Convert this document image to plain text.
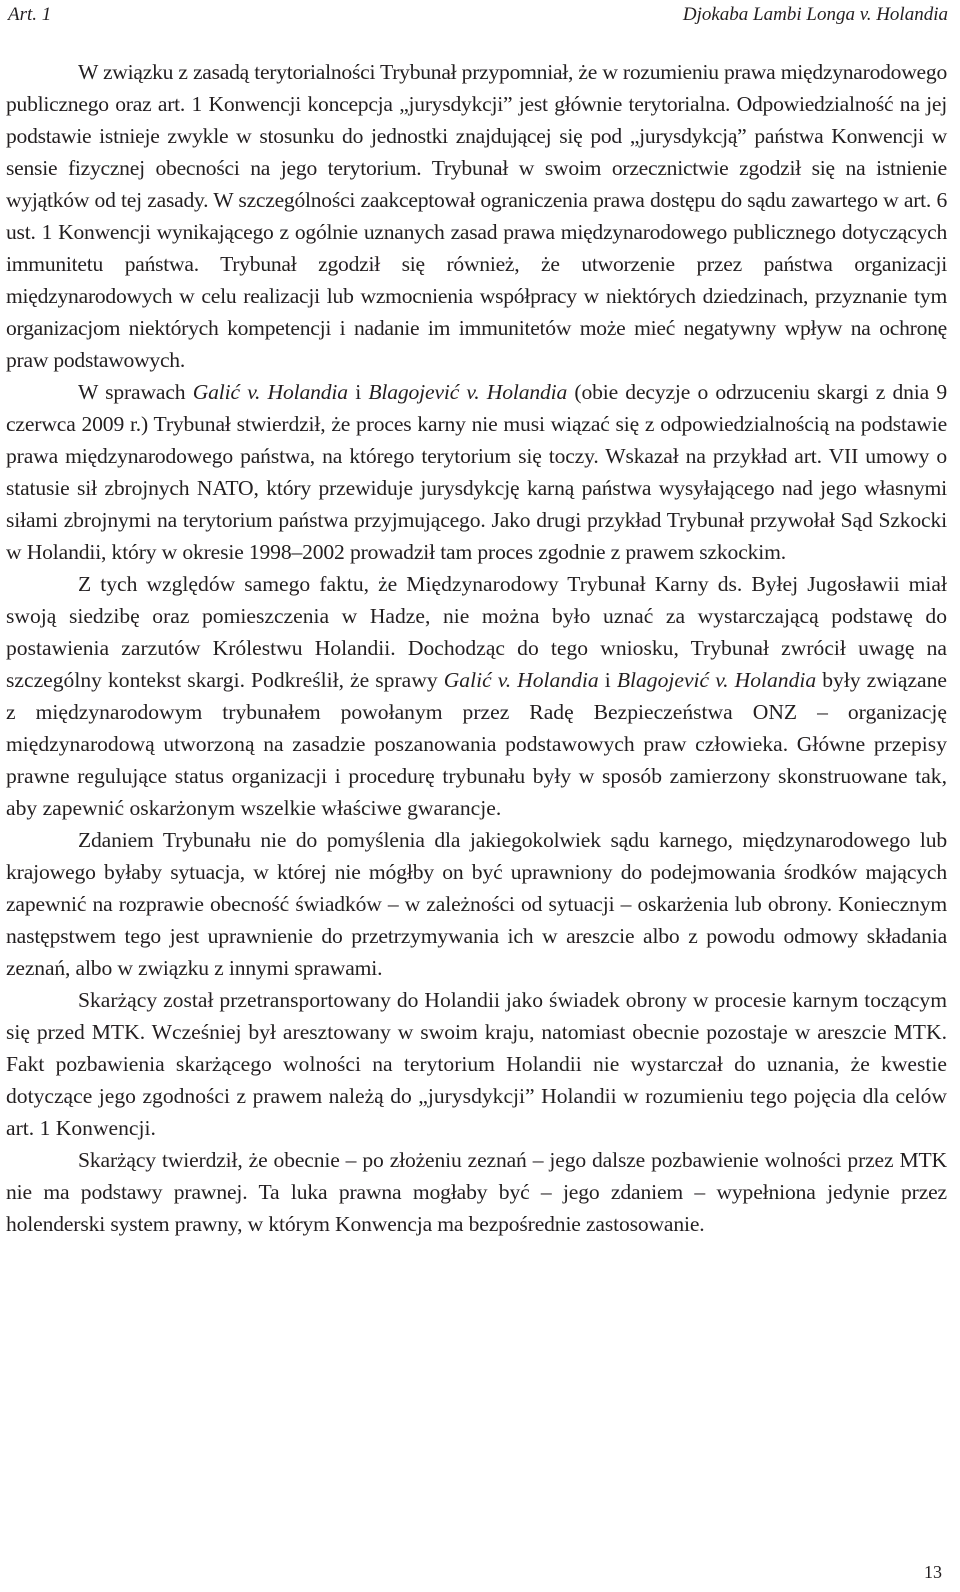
Art. 1	Djokaba Lambi Longa v. Holandia

W związku z zasadą terytorialności Trybunał przypomniał, że w rozumieniu prawa międzynarodowego publicznego oraz art. 1 Konwencji koncepcja „jurysdykcji” jest głównie terytorialna. Odpowiedzialność na jej podstawie istnieje zwykle w stosunku do jednostki znajdującej się pod „jurysdykcją” państwa Konwencji w sensie fizycznej obecności na jego terytorium. Trybunał w swoim orzecznictwie zgodził się na istnienie wyjątków od tej zasady. W szczególności zaakceptował ograniczenia prawa dostępu do sądu zawartego w art. 6 ust. 1 Konwencji wynikającego z ogólnie uznanych zasad prawa międzynarodowego publicznego dotyczących immunitetu państwa. Trybunał zgodził się również, że utworzenie przez państwa organizacji międzynarodowych w celu realizacji lub wzmocnienia współpracy w niektórych dziedzinach, przyznanie tym organizacjom niektórych kompetencji i nadanie im immunitetów może mieć negatywny wpływ na ochronę praw podstawowych.

W sprawach Galić v. Holandia i Blagojević v. Holandia (obie decyzje o odrzuceniu skargi z dnia 9 czerwca 2009 r.) Trybunał stwierdził, że proces karny nie musi wiązać się z odpowiedzialnością na podstawie prawa międzynarodowego państwa, na którego terytorium się toczy. Wskazał na przykład art. VII umowy o statusie sił zbrojnych NATO, który przewiduje jurysdykcję karną państwa wysyłającego nad jego własnymi siłami zbrojnymi na terytorium państwa przyjmującego. Jako drugi przykład Trybunał przywołał Sąd Szkocki w Holandii, który w okresie 1998–2002 prowadził tam proces zgodnie z prawem szkockim.

Z tych względów samego faktu, że Międzynarodowy Trybunał Karny ds. Byłej Jugosławii miał swoją siedzibę oraz pomieszczenia w Hadze, nie można było uznać za wystarczającą podstawę do postawienia zarzutów Królestwu Holandii. Dochodząc do tego wniosku, Trybunał zwrócił uwagę na szczególny kontekst skargi. Podkreślił, że sprawy Galić v. Holandia i Blagojević v. Holandia były związane z międzynarodowym trybunałem powołanym przez Radę Bezpieczeństwa ONZ – organizację międzynarodową utworzoną na zasadzie poszanowania podstawowych praw człowieka. Główne przepisy prawne regulujące status organizacji i procedurę trybunału były w sposób zamierzony skonstruowane tak, aby zapewnić oskarżonym wszelkie właściwe gwarancje.

Zdaniem Trybunału nie do pomyślenia dla jakiegokolwiek sądu karnego, międzynarodowego lub krajowego byłaby sytuacja, w której nie mógłby on być uprawniony do podejmowania środków mających zapewnić na rozprawie obecność świadków – w zależności od sytuacji – oskarżenia lub obrony. Koniecznym następstwem tego jest uprawnienie do przetrzymywania ich w areszcie albo z powodu odmowy składania zeznań, albo w związku z innymi sprawami.

Skarżący został przetransportowany do Holandii jako świadek obrony w procesie karnym toczącym się przed MTK. Wcześniej był aresztowany w swoim kraju, natomiast obecnie pozostaje w areszcie MTK. Fakt pozbawienia skarżącego wolności na terytorium Holandii nie wystarczał do uznania, że kwestie dotyczące jego zgodności z prawem należą do „jurysdykcji” Holandii w rozumieniu tego pojęcia dla celów art. 1 Konwencji.

Skarżący twierdził, że obecnie – po złożeniu zeznań – jego dalsze pozbawienie wolności przez MTK nie ma podstawy prawnej. Ta luka prawna mogłaby być – jego zdaniem – wypełniona jedynie przez holenderski system prawny, w którym Konwencja ma bezpośrednie zastosowanie.

13
